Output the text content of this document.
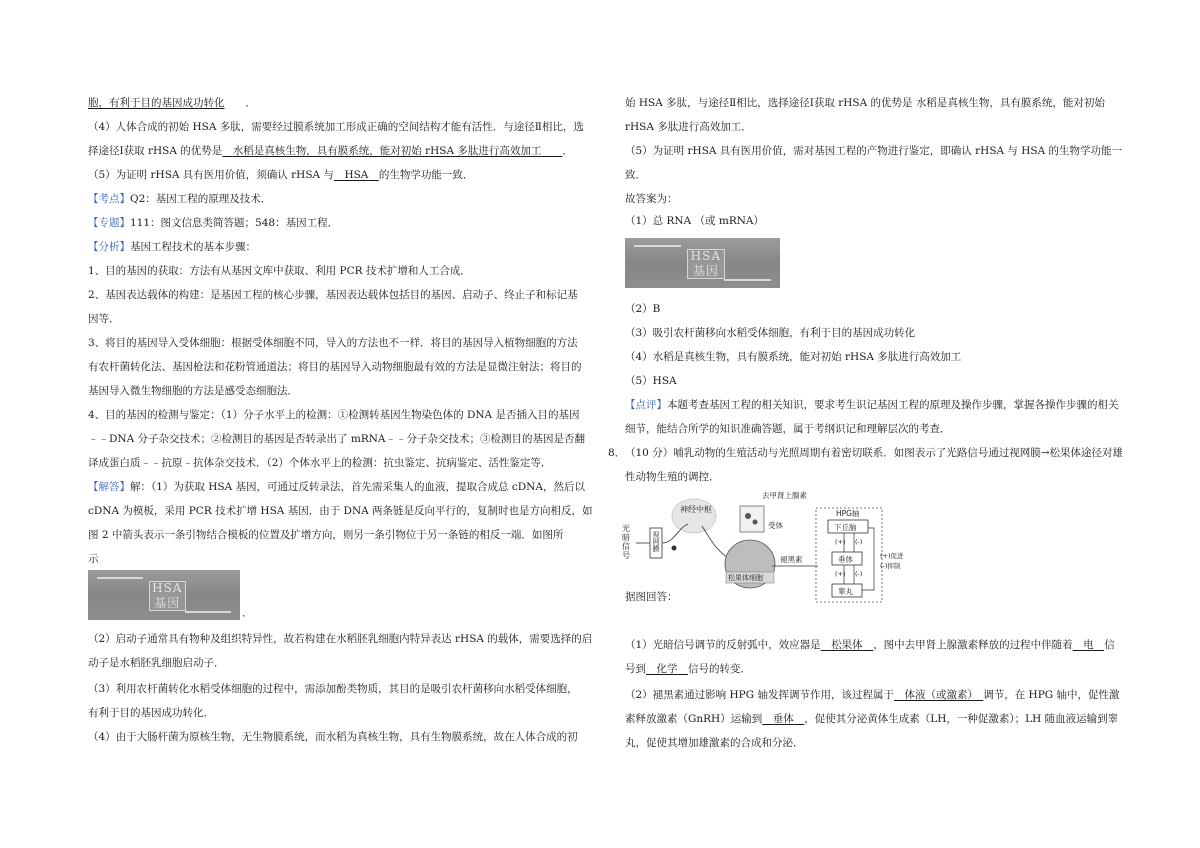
胞，有利于目的基因成功转化　　 ．
（4）人体合成的初始 HSA 多肽，需要经过膜系统加工形成正确的空间结构才能有活性．与途径Ⅱ相比，选
择途径Ⅰ获取 rHSA 的优势是　 水稻是真核生物，具有膜系统，能对初始 rHSA 多肽进行高效加工　　 ．
（5）为证明 rHSA 具有医用价值，须确认 rHSA 与　 HSA　 的生物学功能一致．
【考点】Q2：基因工程的原理及技术．
【专题】111：图文信息类简答题；548：基因工程．
【分析】基因工程技术的基本步骤：
1、目的基因的获取：方法有从基因文库中获取、利用 PCR 技术扩增和人工合成．
2、基因表达载体的构建：是基因工程的核心步骤，基因表达载体包括目的基因、启动子、终止子和标记基
因等．
3、将目的基因导入受体细胞：根据受体细胞不同，导入的方法也不一样．将目的基因导入植物细胞的方法
有农杆菌转化法、基因枪法和花粉管通道法；将目的基因导入动物细胞最有效的方法是显微注射法；将目的
基因导入微生物细胞的方法是感受态细胞法．
4、目的基因的检测与鉴定：（1）分子水平上的检测：①检测转基因生物染色体的 DNA 是否插入目的基因
﹣﹣DNA 分子杂交技术；②检测目的基因是否转录出了 mRNA﹣﹣分子杂交技术；③检测目的基因是否翻
译成蛋白质﹣﹣抗原﹣抗体杂交技术．（2）个体水平上的检测：抗虫鉴定、抗病鉴定、活性鉴定等．
【解答】解：（1）为获取 HSA 基因，可通过反转录法，首先需采集人的血液，提取合成总 cDNA，然后以
cDNA 为模板，采用 PCR 技术扩增 HSA 基因．由于 DNA 两条链是反向平行的，复制时也是方向相反，如
图 2 中箭头表示一条引物结合模板的位置及扩增方向，则另一条引物位于另一条链的相反一端．如图所
示
HSA 基因
．
（2）启动子通常具有物种及组织特异性，故若构建在水稻胚乳细胞内特异表达 rHSA 的载体，需要选择的启
动子是水稻胚乳细胞启动子．
（3）利用农杆菌转化水稻受体细胞的过程中，需添加酚类物质，其目的是吸引农杆菌移向水稻受体细胞，
有利于目的基因成功转化．
（4）由于大肠杆菌为原核生物，无生物膜系统，而水稻为真核生物，具有生物膜系统，故在人体合成的初
始 HSA 多肽，与途径Ⅱ相比，选择途径Ⅰ获取 rHSA 的优势是 水稻是真核生物，具有膜系统，能对初始
rHSA 多肽进行高效加工．
（5）为证明 rHSA 具有医用价值，需对基因工程的产物进行鉴定，即确认 rHSA 与 HSA 的生物学功能一
致．
故答案为：
（1）总 RNA （或 mRNA）
HSA 基因
（2）B
（3）吸引农杆菌移向水稻受体细胞，有利于目的基因成功转化
（4）水稻是真核生物，具有膜系统，能对初始 rHSA 多肽进行高效加工
（5）HSA
【点评】本题考查基因工程的相关知识，要求考生识记基因工程的原理及操作步骤，掌握各操作步骤的相关
细节，能结合所学的知识准确答题，属于考纲识记和理解层次的考查．
8． （10 分）哺乳动物的生殖活动与光照周期有着密切联系．如图表示了光路信号通过视网膜→松果体途径对雄
性动物生殖的调控．
据图回答：
（1）光暗信号调节的反射弧中，效应器是　 松果体　 ，图中去甲肾上腺激素释放的过程中伴随着　 电　 信
号到　 化学　 信号的转变．
（2）褪黑素通过影响 HPG 轴发挥调节作用，该过程属于　 体液（或激素）　 调节，在 HPG 轴中，促性激
素释放激素（GnRH）运输到　 垂体　 ，促使其分泌黄体生成素（LH，一种促激素）；LH 随血液运输到睾
丸，促使其增加雄激素的合成和分泌．
光暗信号	视网膜
神经中枢
去甲肾上腺素
受体
松果体细胞
褪黑素
HPG轴
下丘脑
垂体
睾丸
(+) (-)
(+) (-)
(+)促进
(-)抑制
